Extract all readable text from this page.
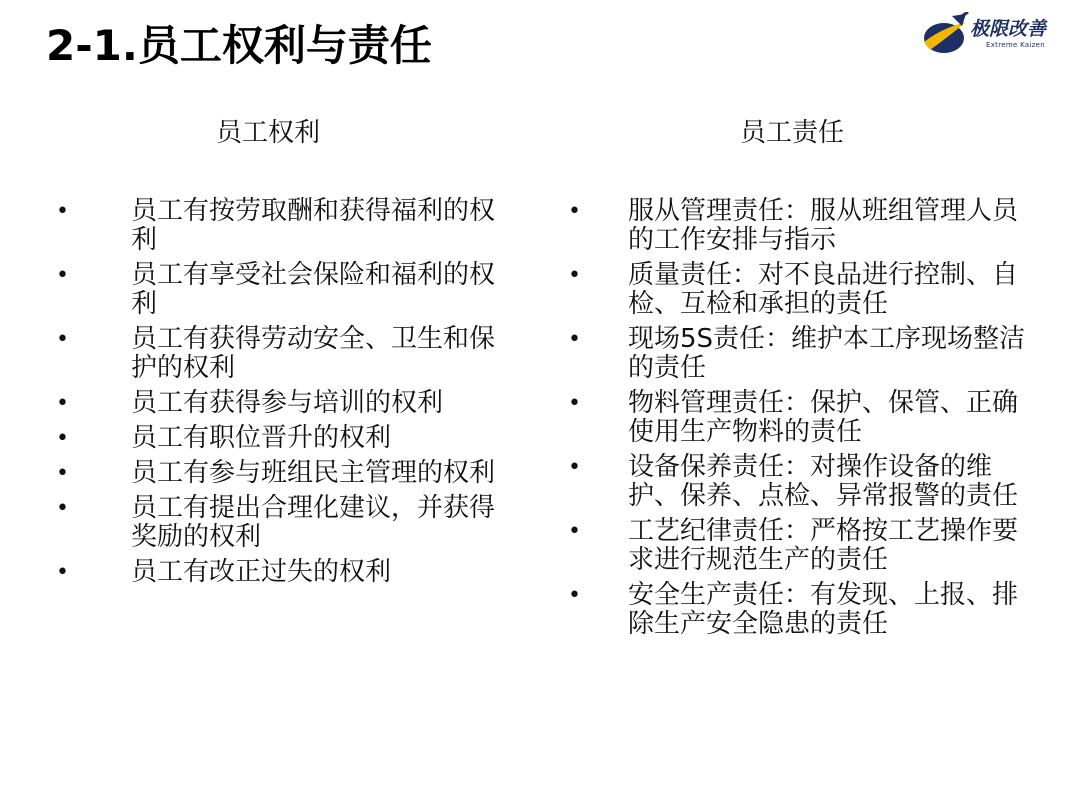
2-1.员工权利与责任	极限改善
Extreme Kaizen
员工权利	员工责任
• 员工有按劳取酬和获得福利的权利
• 员工有享受社会保险和福利的权利
• 员工有获得劳动安全、卫生和保护的权利
• 员工有获得参与培训的权利
• 员工有职位晋升的权利
• 员工有参与班组民主管理的权利
• 员工有提出合理化建议，并获得奖励的权利
• 员工有改正过失的权利
• 服从管理责任：服从班组管理人员的工作安排与指示
• 质量责任：对不良品进行控制、自检、互检和承担的责任
• 现场5S责任：维护本工序现场整洁的责任
• 物料管理责任：保护、保管、正确使用生产物料的责任
• 设备保养责任：对操作设备的维护、保养、点检、异常报警的责任
• 工艺纪律责任：严格按工艺操作要求进行规范生产的责任
• 安全生产责任：有发现、上报、排除生产安全隐患的责任
